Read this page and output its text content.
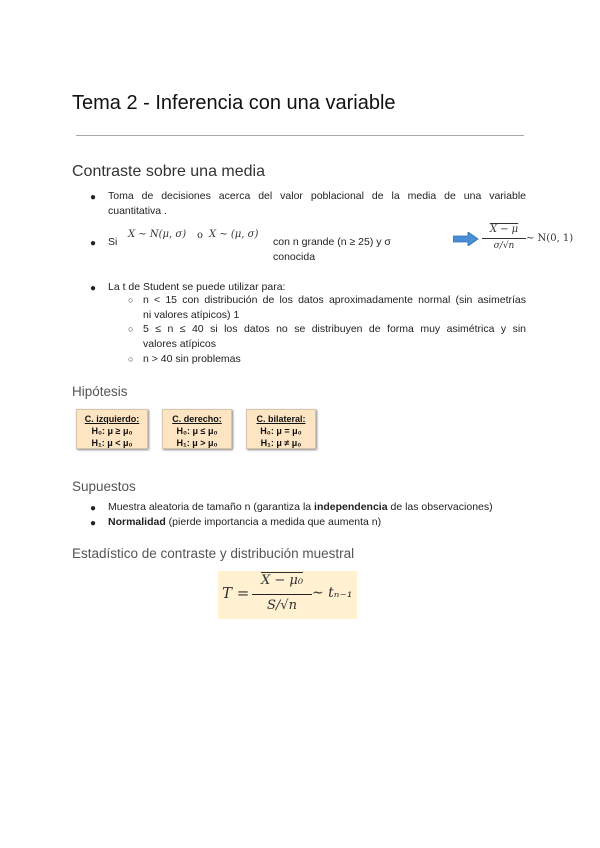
Tema 2 - Inferencia con una variable
Contraste sobre una media
● Toma de decisiones acerca del valor poblacional de la media de una variable
cuantitativa .
● Si
X ∼ N(μ, σ) o X ∼ (μ, σ)
con n grande (n ≥ 25) y σ
conocida
X − μ
σ/√n
∼ N(0, 1)
● La t de Student se puede utilizar para:
○ n < 15 con distribución de los datos aproximadamente normal (sin asimetrías
ni valores atípicos) 1
○ 5 ≤ n ≤ 40 si los datos no se distribuyen de forma muy asimétrica y sin
valores atípicos
○ n > 40 sin problemas
Hipótesis
C. izquierdo:
H₀: μ ≥ μ₀
H₁: μ < μ₀
C. derecho:
H₀: μ ≤ μ₀
H₁: μ > μ₀
C. bilateral:
H₀: μ = μ₀
H₁: μ ≠ μ₀
Supuestos
● Muestra aleatoria de tamaño n (garantiza la independencia de las observaciones)
● Normalidad (pierde importancia a medida que aumenta n)
Estadístico de contraste y distribución muestral
T =
X − μ₀
S/√n
∼ tₙ₋₁
